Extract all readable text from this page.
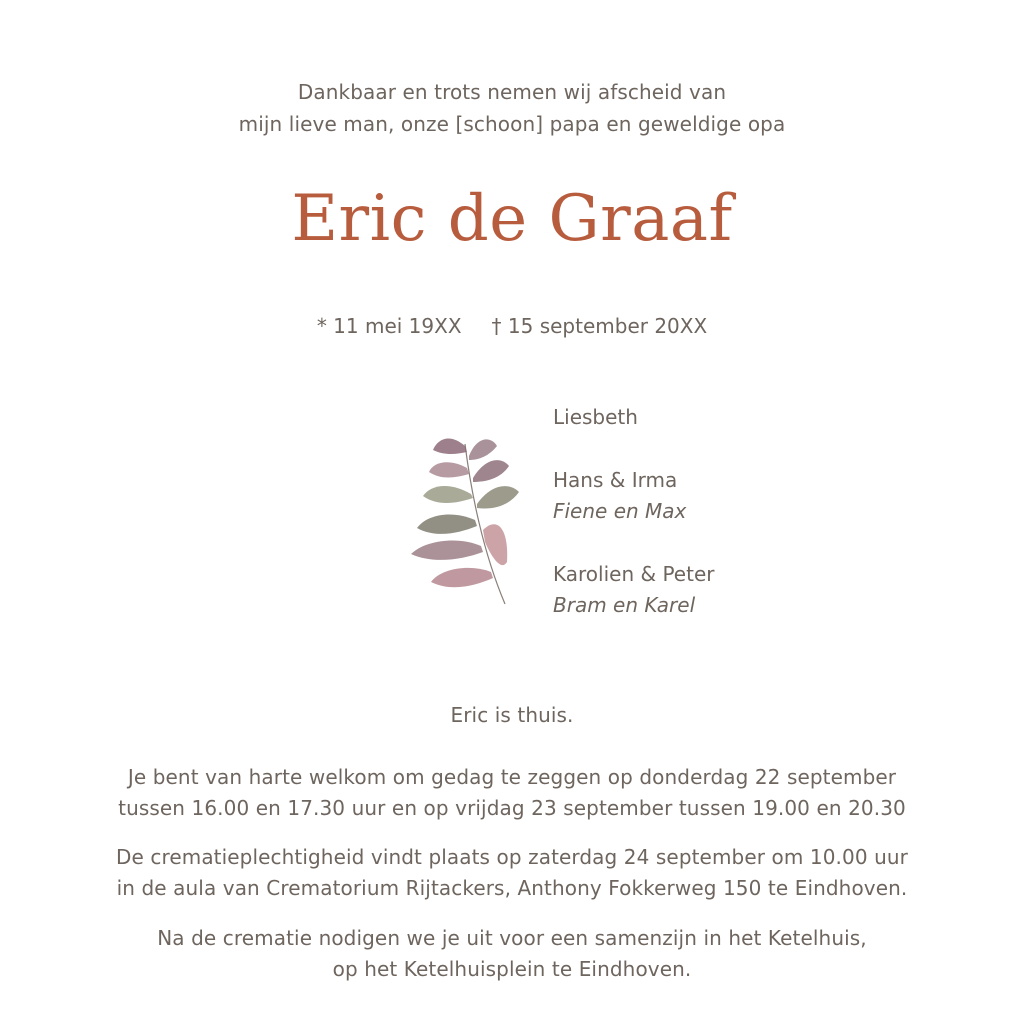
Dankbaar en trots nemen wij afscheid van
mijn lieve man, onze [schoon] papa en geweldige opa
Eric de Graaf
* 11 mei 19XX † 15 september 20XX
Liesbeth
Hans & Irma
Fiene en Max
Karolien & Peter
Bram en Karel
Eric is thuis.
Je bent van harte welkom om gedag te zeggen op donderdag 22 september
tussen 16.00 en 17.30 uur en op vrijdag 23 september tussen 19.00 en 20.30
De crematieplechtigheid vindt plaats op zaterdag 24 september om 10.00 uur
in de aula van Crematorium Rijtackers, Anthony Fokkerweg 150 te Eindhoven.
Na de crematie nodigen we je uit voor een samenzijn in het Ketelhuis,
op het Ketelhuisplein te Eindhoven.
